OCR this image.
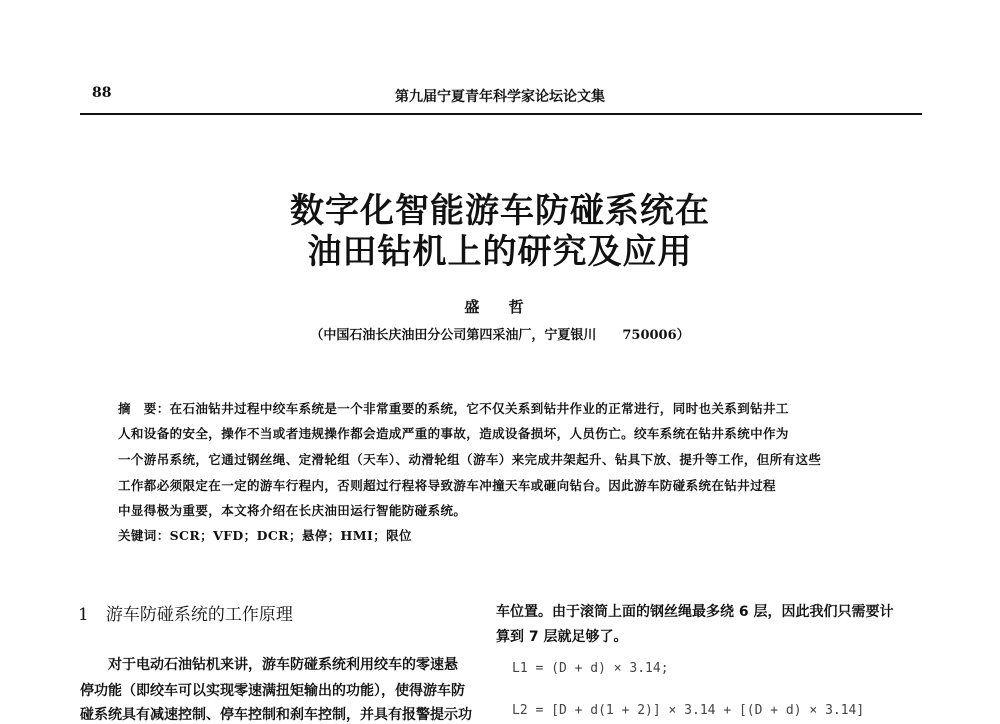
88	第九届宁夏青年科学家论坛论文集
数字化智能游车防碰系统在
油田钻机上的研究及应用
盛 哲
（中国石油长庆油田分公司第四采油厂，宁夏银川　　750006）
摘　要：在石油钻井过程中绞车系统是一个非常重要的系统，它不仅关系到钻井作业的正常进行，同时也关系到钻井工
人和设备的安全，操作不当或者违规操作都会造成严重的事故，造成设备损坏，人员伤亡。绞车系统在钻井系统中作为
一个游吊系统，它通过钢丝绳、定滑轮组（天车）、动滑轮组（游车）来完成井架起升、钻具下放、提升等工作，但所有这些
工作都必须限定在一定的游车行程内，否则超过行程将导致游车冲撞天车或砸向钻台。因此游车防碰系统在钻井过程
中显得极为重要，本文将介绍在长庆油田运行智能防碰系统。
关键词：SCR；VFD；DCR；悬停；HMI；限位
1　游车防碰系统的工作原理
　　对于电动石油钻机来讲，游车防碰系统利用绞车的零速悬
停功能（即绞车可以实现零速满扭矩输出的功能），使得游车防
碰系统具有减速控制、停车控制和刹车控制，并具有报警提示功
车位置。由于滚筒上面的钢丝绳最多绕 6 层，因此我们只需要计
算到 7 层就足够了。
L1 = (D + d) × 3.14;
L2 = [D + d(1 + 2)] × 3.14 + [(D + d) × 3.14]
